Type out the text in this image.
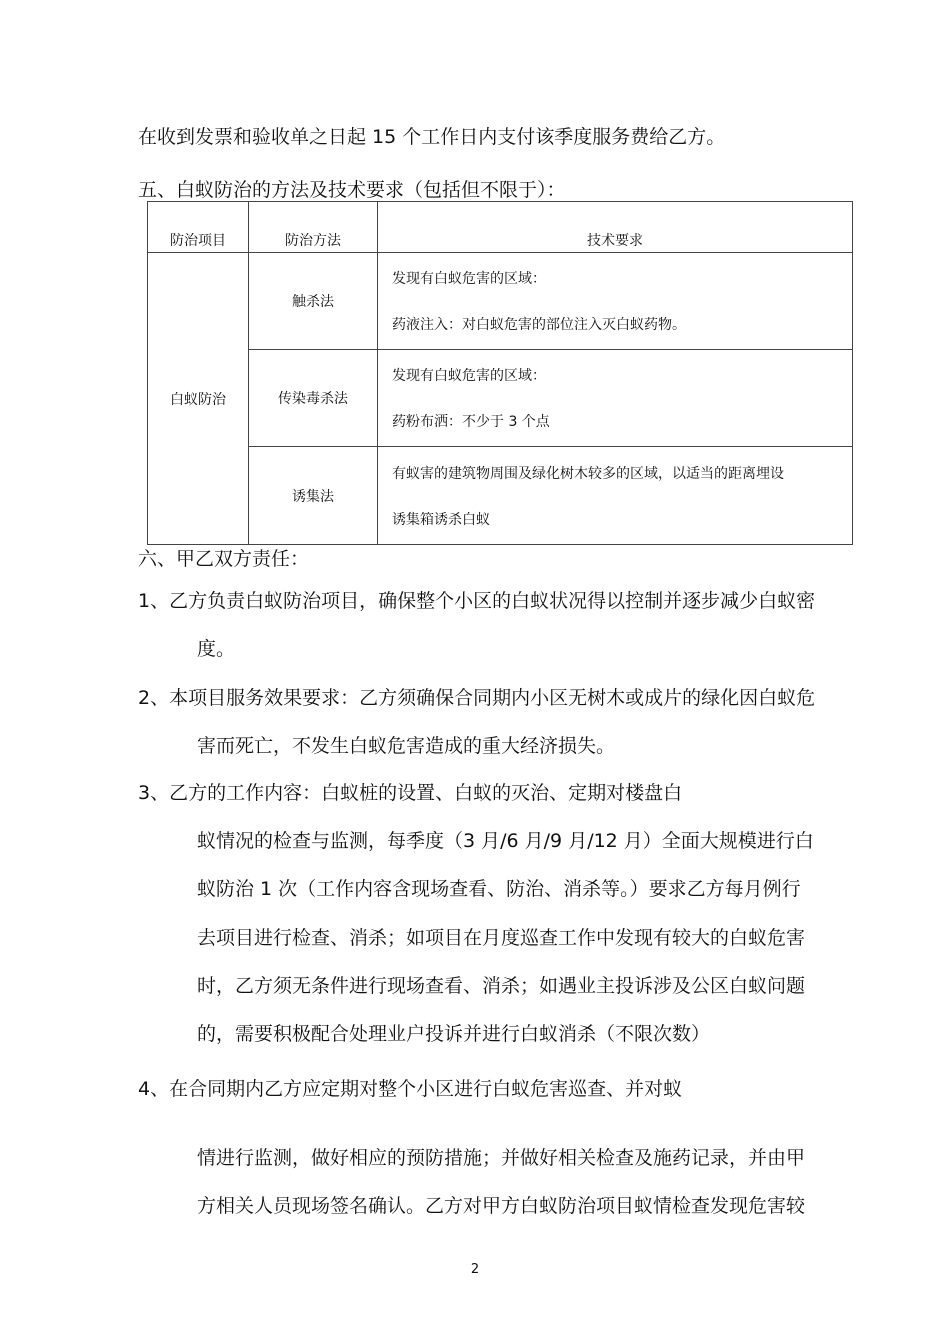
在收到发票和验收单之日起 15 个工作日内支付该季度服务费给乙方。
五、白蚁防治的方法及技术要求（包括但不限于）：
防治项目	防治方法	技术要求
白蚁防治	触杀法	发现有白蚁危害的区域：
药液注入：对白蚁危害的部位注入灭白蚁药物。

	传染毒杀法	发现有白蚁危害的区域：
药粉布洒：不少于 3 个点

	诱集法	有蚁害的建筑物周围及绿化树木较多的区域，以适当的距离埋设
诱集箱诱杀白蚁
六、甲乙双方责任：
1、乙方负责白蚁防治项目，确保整个小区的白蚁状况得以控制并逐步减少白蚁密
度。
2、本项目服务效果要求：乙方须确保合同期内小区无树木或成片的绿化因白蚁危
害而死亡，不发生白蚁危害造成的重大经济损失。
3、乙方的工作内容：白蚁桩的设置、白蚁的灭治、定期对楼盘白
蚁情况的检查与监测，每季度（3 月/6 月/9 月/12 月）全面大规模进行白
蚁防治 1 次（工作内容含现场查看、防治、消杀等。）要求乙方每月例行
去项目进行检查、消杀；如项目在月度巡查工作中发现有较大的白蚁危害
时，乙方须无条件进行现场查看、消杀；如遇业主投诉涉及公区白蚁问题
的，需要积极配合处理业户投诉并进行白蚁消杀（不限次数）
4、在合同期内乙方应定期对整个小区进行白蚁危害巡查、并对蚁
情进行监测，做好相应的预防措施；并做好相关检查及施药记录，并由甲
方相关人员现场签名确认。乙方对甲方白蚁防治项目蚁情检查发现危害较
2
